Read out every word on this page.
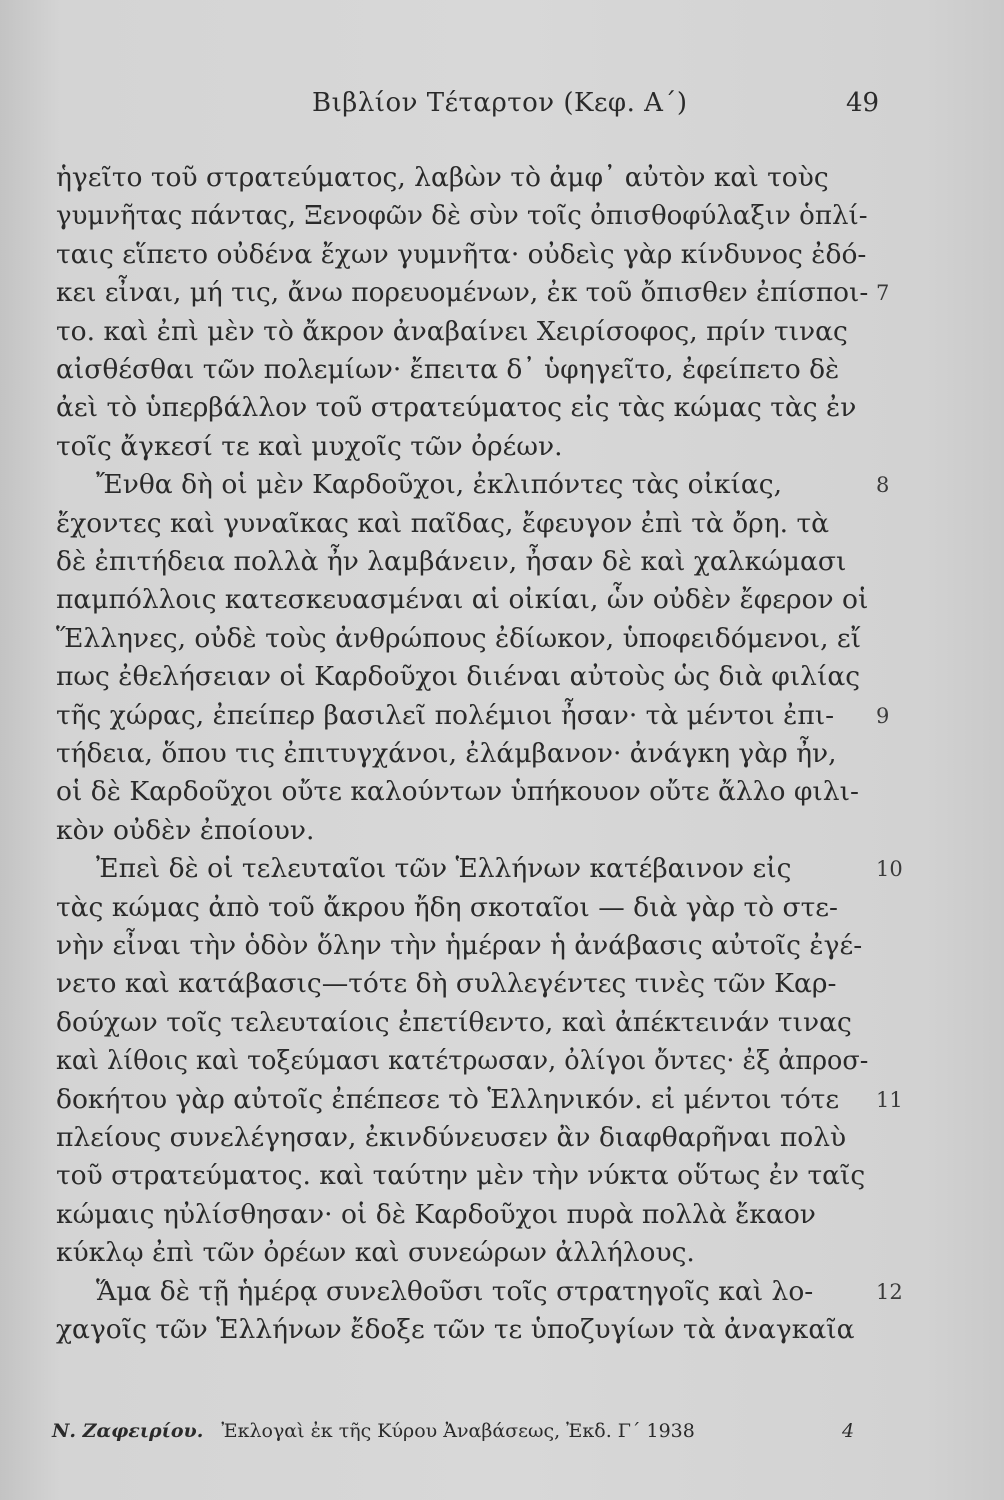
Βιβλίον Τέταρτον (Κεφ. Α΄)	49
ἡγεῖτο τοῦ στρατεύματος, λαβὼν τὸ ἀμφ᾽ αὐτὸν καὶ τοὺς
γυμνῆτας πάντας, Ξενοφῶν δὲ σὺν τοῖς ὀπισθοφύλαξιν ὁπλί-
ταις εἵπετο οὐδένα ἔχων γυμνῆτα· οὐδεὶς γὰρ κίνδυνος ἐδό-
κει εἶναι, μή τις, ἄνω πορευομένων, ἐκ τοῦ ὄπισθεν ἐπίσποι-
το. καὶ ἐπὶ μὲν τὸ ἄκρον ἀναβαίνει Χειρίσοφος, πρίν τινας
αἰσθέσθαι τῶν πολεμίων· ἔπειτα δ᾽ ὑφηγεῖτο, ἐφείπετο δὲ
ἀεὶ τὸ ὑπερβάλλον τοῦ στρατεύματος εἰς τὰς κώμας τὰς ἐν
τοῖς ἄγκεσί τε καὶ μυχοῖς τῶν ὀρέων.
Ἔνθα δὴ οἱ μὲν Καρδοῦχοι, ἐκλιπόντες τὰς οἰκίας,
ἔχοντες καὶ γυναῖκας καὶ παῖδας, ἔφευγον ἐπὶ τὰ ὄρη. τὰ
δὲ ἐπιτήδεια πολλὰ ἦν λαμβάνειν, ἦσαν δὲ καὶ χαλκώμασι
παμπόλλοις κατεσκευασμέναι αἱ οἰκίαι, ὧν οὐδὲν ἔφερον οἱ
Ἕλληνες, οὐδὲ τοὺς ἀνθρώπους ἐδίωκον, ὑποφειδόμενοι, εἴ
πως ἐθελήσειαν οἱ Καρδοῦχοι διιέναι αὐτοὺς ὡς διὰ φιλίας
τῆς χώρας, ἐπείπερ βασιλεῖ πολέμιοι ἦσαν· τὰ μέντοι ἐπι-
τήδεια, ὅπου τις ἐπιτυγχάνοι, ἐλάμβανον· ἀνάγκη γὰρ ἦν,
οἱ δὲ Καρδοῦχοι οὔτε καλούντων ὑπήκουον οὔτε ἄλλο φιλι-
κὸν οὐδὲν ἐποίουν.
Ἐπεὶ δὲ οἱ τελευταῖοι τῶν Ἑλλήνων κατέβαινον εἰς
τὰς κώμας ἀπὸ τοῦ ἄκρου ἤδη σκοταῖοι — διὰ γὰρ τὸ στε-
νὴν εἶναι τὴν ὁδὸν ὅλην τὴν ἡμέραν ἡ ἀνάβασις αὐτοῖς ἐγέ-
νετο καὶ κατάβασις—τότε δὴ συλλεγέντες τινὲς τῶν Καρ-
δούχων τοῖς τελευταίοις ἐπετίθεντο, καὶ ἀπέκτεινάν τινας
καὶ λίθοις καὶ τοξεύμασι κατέτρωσαν, ὀλίγοι ὄντες· ἐξ ἀπροσ-
δοκήτου γὰρ αὐτοῖς ἐπέπεσε τὸ Ἑλληνικόν. εἰ μέντοι τότε
πλείους συνελέγησαν, ἐκινδύνευσεν ἂν διαφθαρῆναι πολὺ
τοῦ στρατεύματος. καὶ ταύτην μὲν τὴν νύκτα οὕτως ἐν ταῖς
κώμαις ηὐλίσθησαν· οἱ δὲ Καρδοῦχοι πυρὰ πολλὰ ἔκαον
κύκλῳ ἐπὶ τῶν ὀρέων καὶ συνεώρων ἀλλήλους.
Ἅμα δὲ τῇ ἡμέρᾳ συνελθοῦσι τοῖς στρατηγοῖς καὶ λο-
χαγοῖς τῶν Ἑλλήνων ἔδοξε τῶν τε ὑποζυγίων τὰ ἀναγκαῖα
7
8
9
10
11
12
Ν. Ζαφειρίου. Ἐκλογαὶ ἐκ τῆς Κύρου Ἀναβάσεως, Ἐκδ. Γ΄ 1938	4
